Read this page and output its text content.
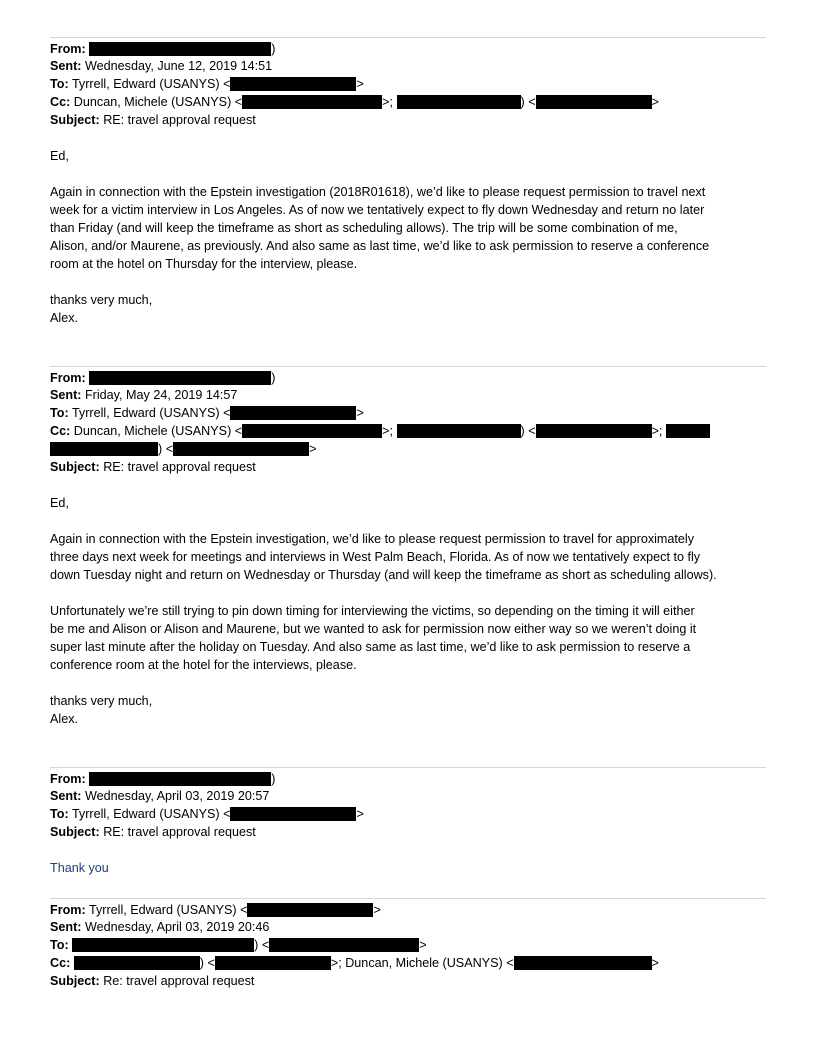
From:	)
Sent: Wednesday, June 12, 2019 14:51
To: Tyrrell, Edward (USANYS) <	>
Cc: Duncan, Michele (USANYS) <	>;	) <	>
Subject: RE: travel approval request
Ed,
Again in connection with the Epstein investigation (2018R01618), we’d like to please request permission to travel next
week for a victim interview in Los Angeles. As of now we tentatively expect to fly down Wednesday and return no later
than Friday (and will keep the timeframe as short as scheduling allows). The trip will be some combination of me,
Alison, and/or Maurene, as previously. And also same as last time, we’d like to ask permission to reserve a conference
room at the hotel on Thursday for the interview, please.
thanks very much,
Alex.
From:	)
Sent: Friday, May 24, 2019 14:57
To: Tyrrell, Edward (USANYS) <	>
Cc: Duncan, Michele (USANYS) <	>;	) <	>;
) <	>
Subject: RE: travel approval request
Ed,
Again in connection with the Epstein investigation, we’d like to please request permission to travel for approximately
three days next week for meetings and interviews in West Palm Beach, Florida. As of now we tentatively expect to fly
down Tuesday night and return on Wednesday or Thursday (and will keep the timeframe as short as scheduling allows).
Unfortunately we’re still trying to pin down timing for interviewing the victims, so depending on the timing it will either
be me and Alison or Alison and Maurene, but we wanted to ask for permission now either way so we weren’t doing it
super last minute after the holiday on Tuesday. And also same as last time, we’d like to ask permission to reserve a
conference room at the hotel for the interviews, please.
thanks very much,
Alex.
From:	)
Sent: Wednesday, April 03, 2019 20:57
To: Tyrrell, Edward (USANYS) <	>
Subject: RE: travel approval request
Thank you
From: Tyrrell, Edward (USANYS) <	>
Sent: Wednesday, April 03, 2019 20:46
To:	) <	>
Cc:	) <	>; Duncan, Michele (USANYS) <	>
Subject: Re: travel approval request
